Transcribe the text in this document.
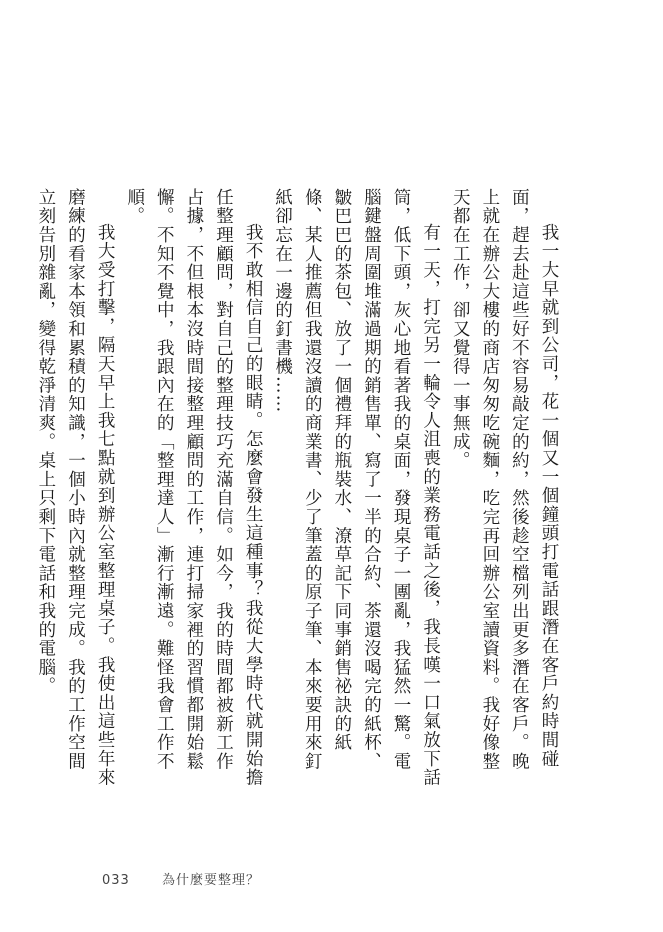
我一大早就到公司，花一個又一個鐘頭打電話跟潛在客戶約時間碰面，趕去赴這些好不容易敲定的約，然後趁空檔列出更多潛在客戶。晚上就在辦公大樓的商店匆匆吃碗麵，吃完再回辦公室讀資料。我好像整天都在工作，卻又覺得一事無成。

有一天，打完另一輪令人沮喪的業務電話之後，我長嘆一口氣放下話筒，低下頭，灰心地看著我的桌面，發現桌子一團亂，我猛然一驚。電腦鍵盤周圍堆滿過期的銷售單、寫了一半的合約、茶還沒喝完的紙杯、皺巴巴的茶包、放了一個禮拜的瓶裝水、潦草記下同事銷售祕訣的紙條、某人推薦但我還沒讀的商業書、少了筆蓋的原子筆、本來要用來釘紙卻忘在一邊的釘書機……

我不敢相信自己的眼睛。怎麼會發生這種事？我從大學時代就開始擔任整理顧問，對自己的整理技巧充滿自信。如今，我的時間都被新工作占據，不但根本沒時間接整理顧問的工作，連打掃家裡的習慣都開始鬆懈。不知不覺中，我跟內在的「整理達人」漸行漸遠。難怪我會工作不順。

我大受打擊，隔天早上我七點就到辦公室整理桌子。我使出這些年來磨練的看家本領和累積的知識，一個小時內就整理完成。我的工作空間立刻告別雜亂，變得乾淨清爽。桌上只剩下電話和我的電腦。

033 為什麼要整理？
